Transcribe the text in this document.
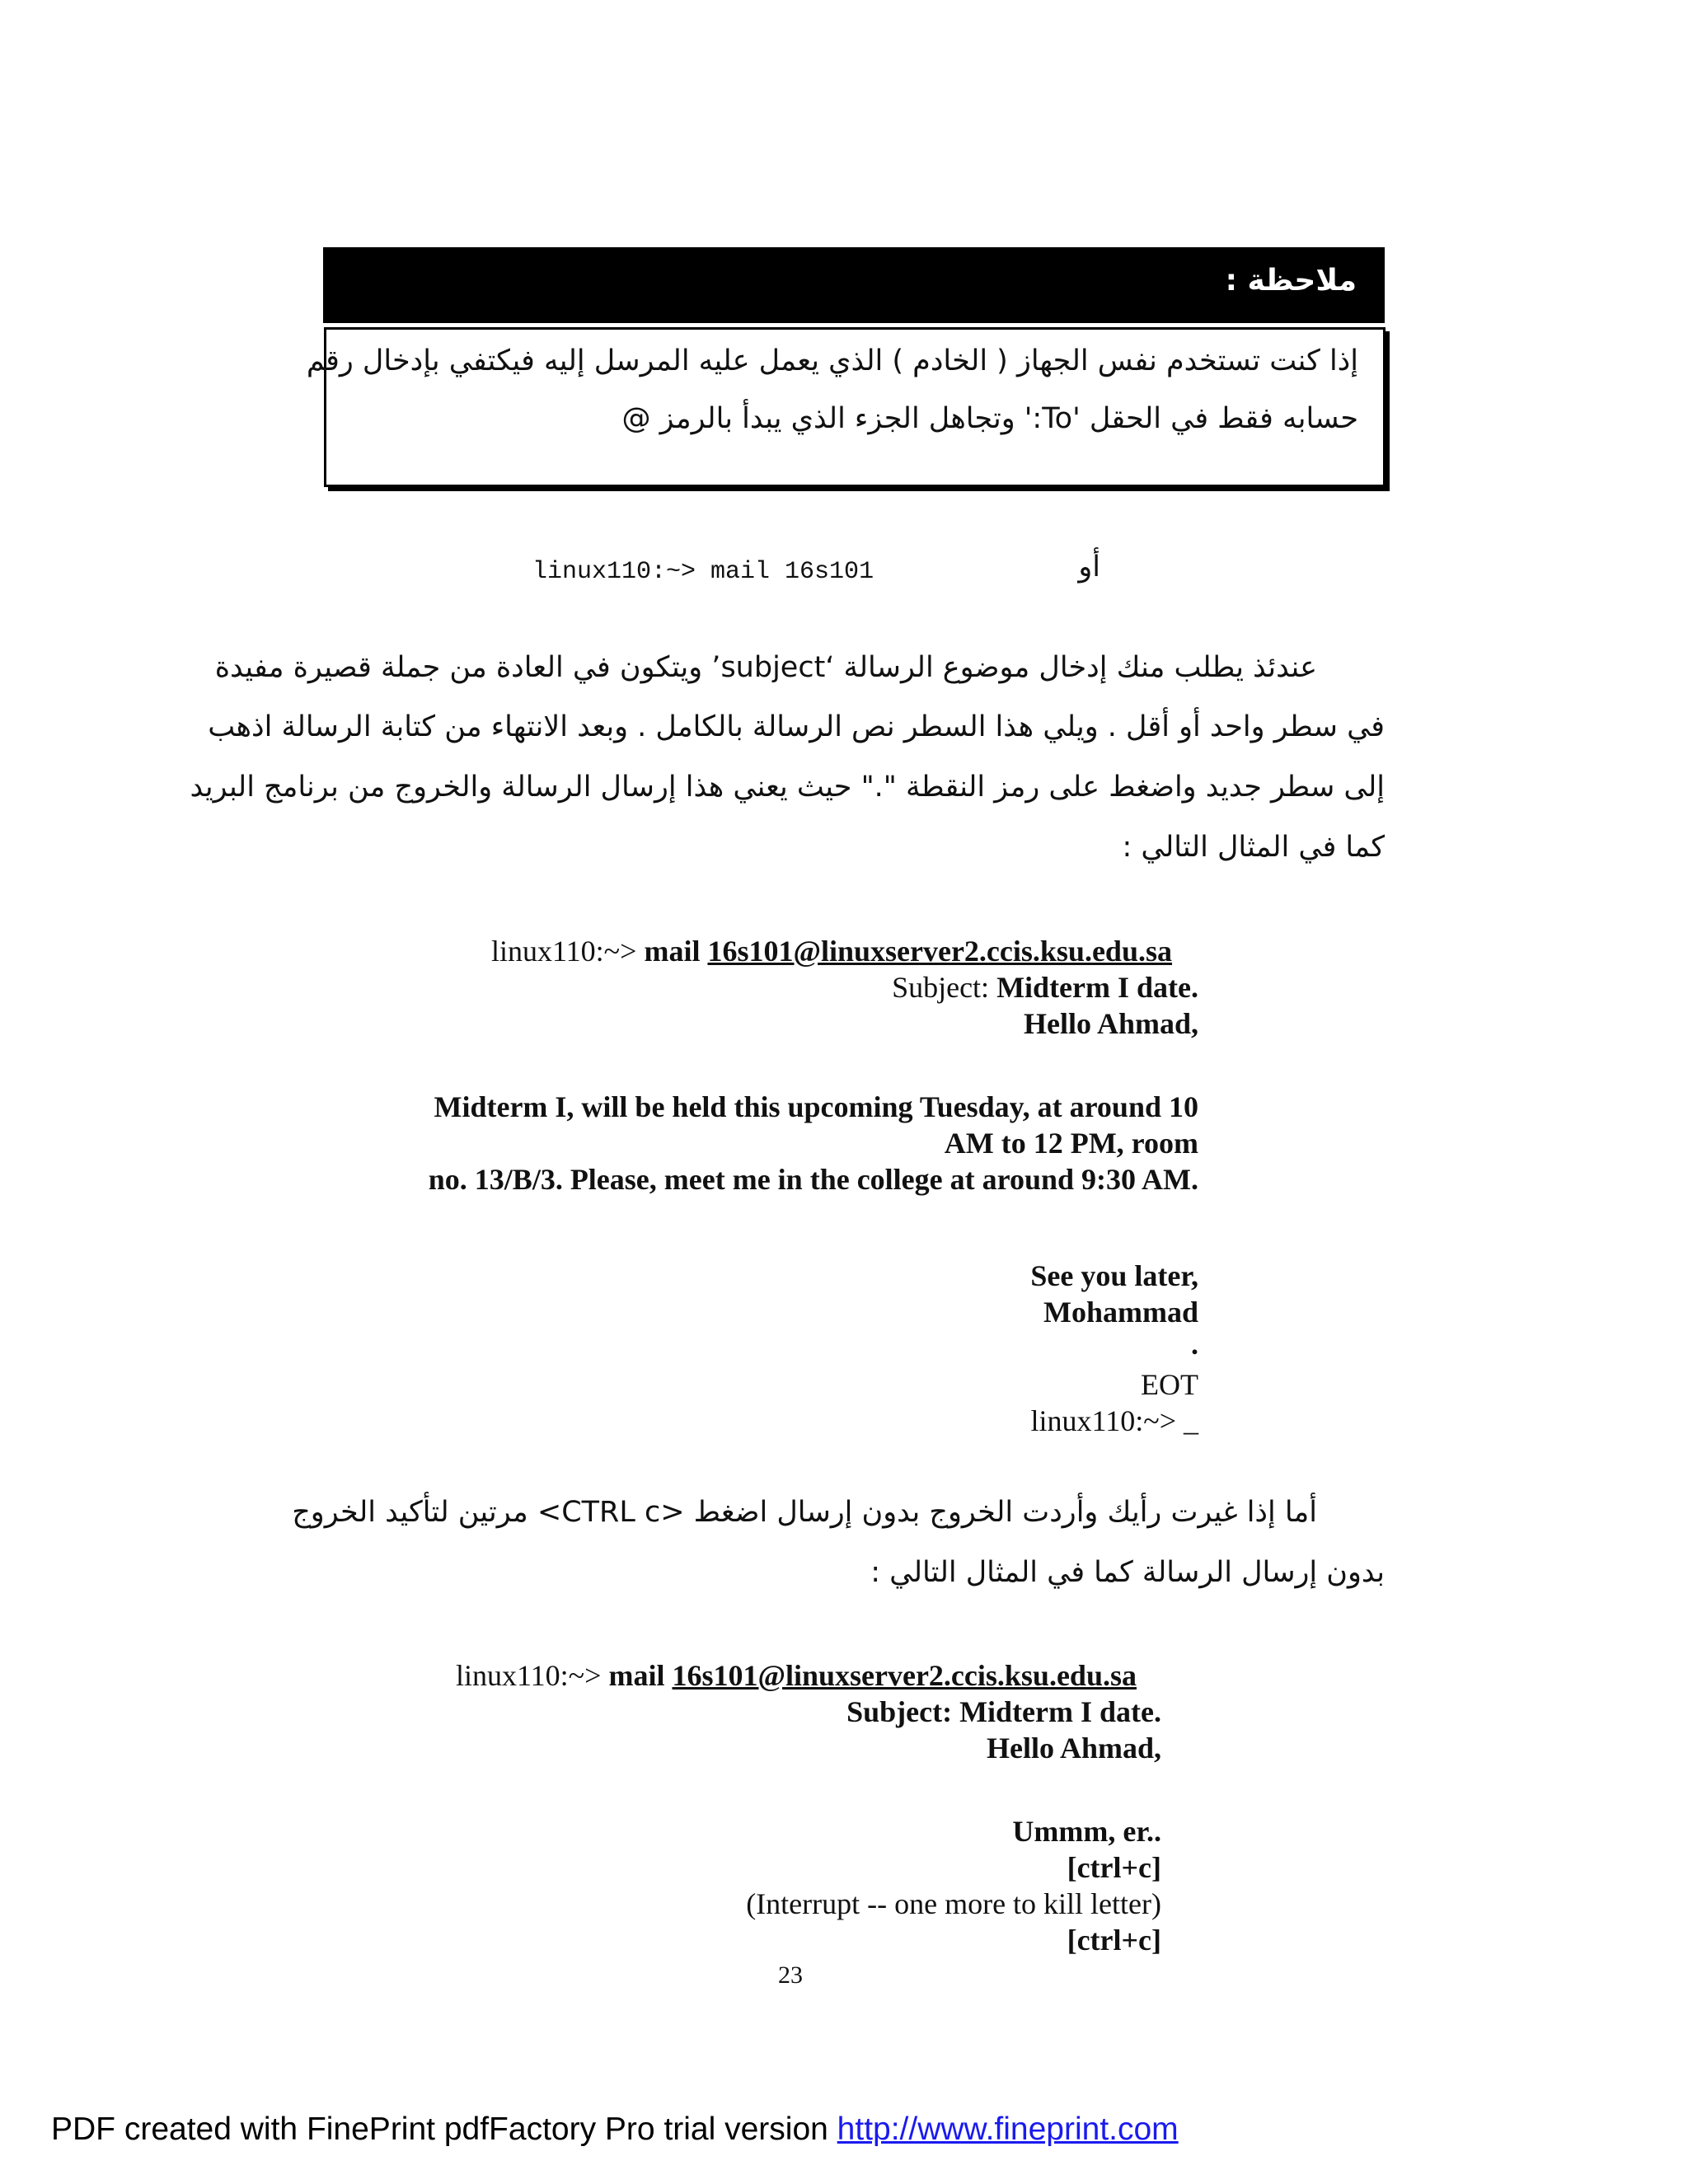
ملاحظة :
إذا كنت تستخدم نفس الجهاز ( الخادم ) الذي يعمل عليه المرسل إليه فيكتفي بإدخال رقم
حسابه فقط في الحقل 'To:' وتجاهل الجزء الذي يبدأ بالرمز @
أو
linux110:~> mail 16s101
عندئذ يطلب منك إدخال موضوع الرسالة ‘subject’ ويتكون في العادة من جملة قصيرة مفيدة
في سطر واحد أو أقل . ويلي هذا السطر نص الرسالة بالكامل . وبعد الانتهاء من كتابة الرسالة اذهب
إلى سطر جديد واضغط على رمز النقطة "." حيث يعني هذا إرسال الرسالة والخروج من برنامج البريد
كما في المثال التالي :
linux110:~> mail 16s101@linuxserver2.ccis.ksu.edu.sa
Subject: Midterm I date.
Hello Ahmad,
Midterm I, will be held this upcoming Tuesday, at around 10
AM to 12 PM, room
no. 13/B/3. Please, meet me in the college at around 9:30 AM.
See you later,
Mohammad
.
EOT
linux110:~> _
أما إذا غيرت رأيك وأردت الخروج بدون إرسال اضغط <CTRL c> مرتين لتأكيد الخروج
بدون إرسال الرسالة كما في المثال التالي :
linux110:~> mail 16s101@linuxserver2.ccis.ksu.edu.sa
Subject: Midterm I date.
Hello Ahmad,
Ummm, er..
[ctrl+c]
(Interrupt -- one more to kill letter)
[ctrl+c]
23
PDF created with FinePrint pdfFactory Pro trial version http://www.fineprint.com
